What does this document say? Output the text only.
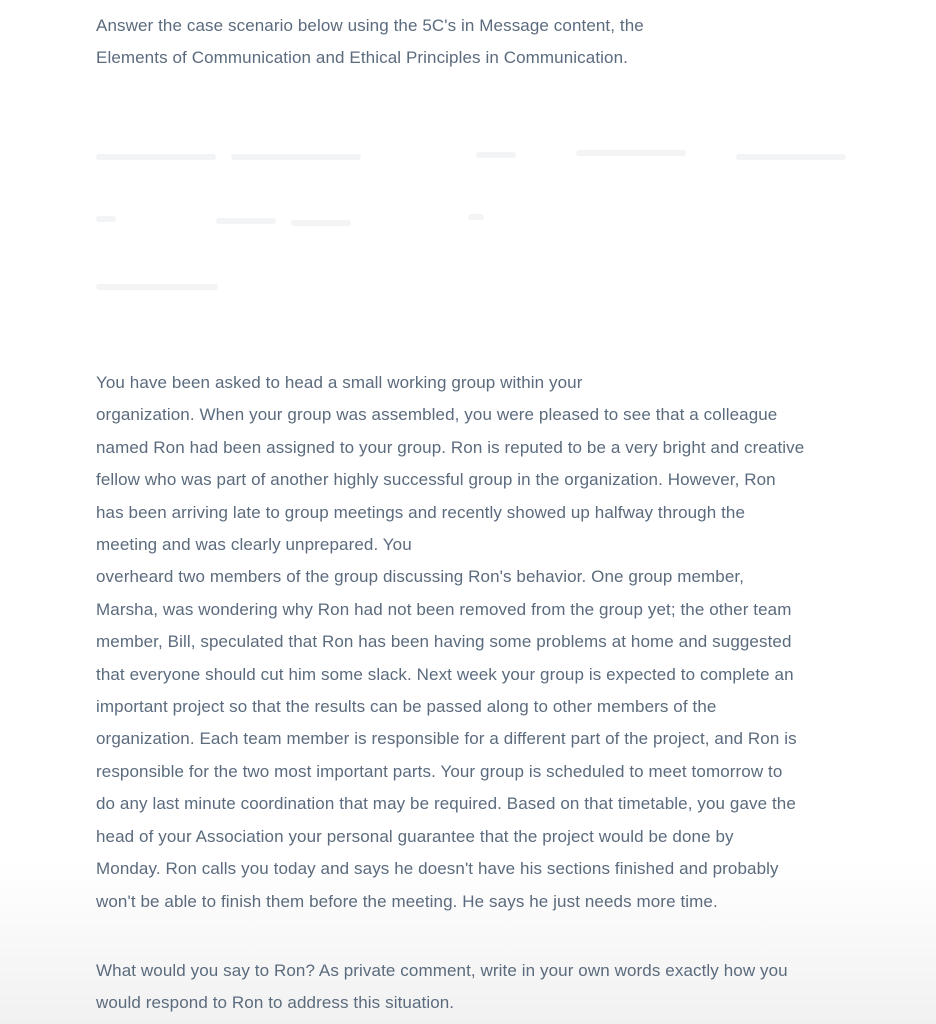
Answer the case scenario below using the 5C's in Message content, the
Elements of Communication and Ethical Principles in Communication.
You have been asked to head a small working group within your
organization. When your group was assembled, you were pleased to see that a colleague
named Ron had been assigned to your group. Ron is reputed to be a very bright and creative
fellow who was part of another highly successful group in the organization. However, Ron
has been arriving late to group meetings and recently showed up halfway through the
meeting and was clearly unprepared. You
overheard two members of the group discussing Ron's behavior. One group member,
Marsha, was wondering why Ron had not been removed from the group yet; the other team
member, Bill, speculated that Ron has been having some problems at home and suggested
that everyone should cut him some slack. Next week your group is expected to complete an
important project so that the results can be passed along to other members of the
organization. Each team member is responsible for a different part of the project, and Ron is
responsible for the two most important parts. Your group is scheduled to meet tomorrow to
do any last minute coordination that may be required. Based on that timetable, you gave the
head of your Association your personal guarantee that the project would be done by
Monday. Ron calls you today and says he doesn't have his sections finished and probably
won't be able to finish them before the meeting. He says he just needs more time.
What would you say to Ron? As private comment, write in your own words exactly how you
would respond to Ron to address this situation.
